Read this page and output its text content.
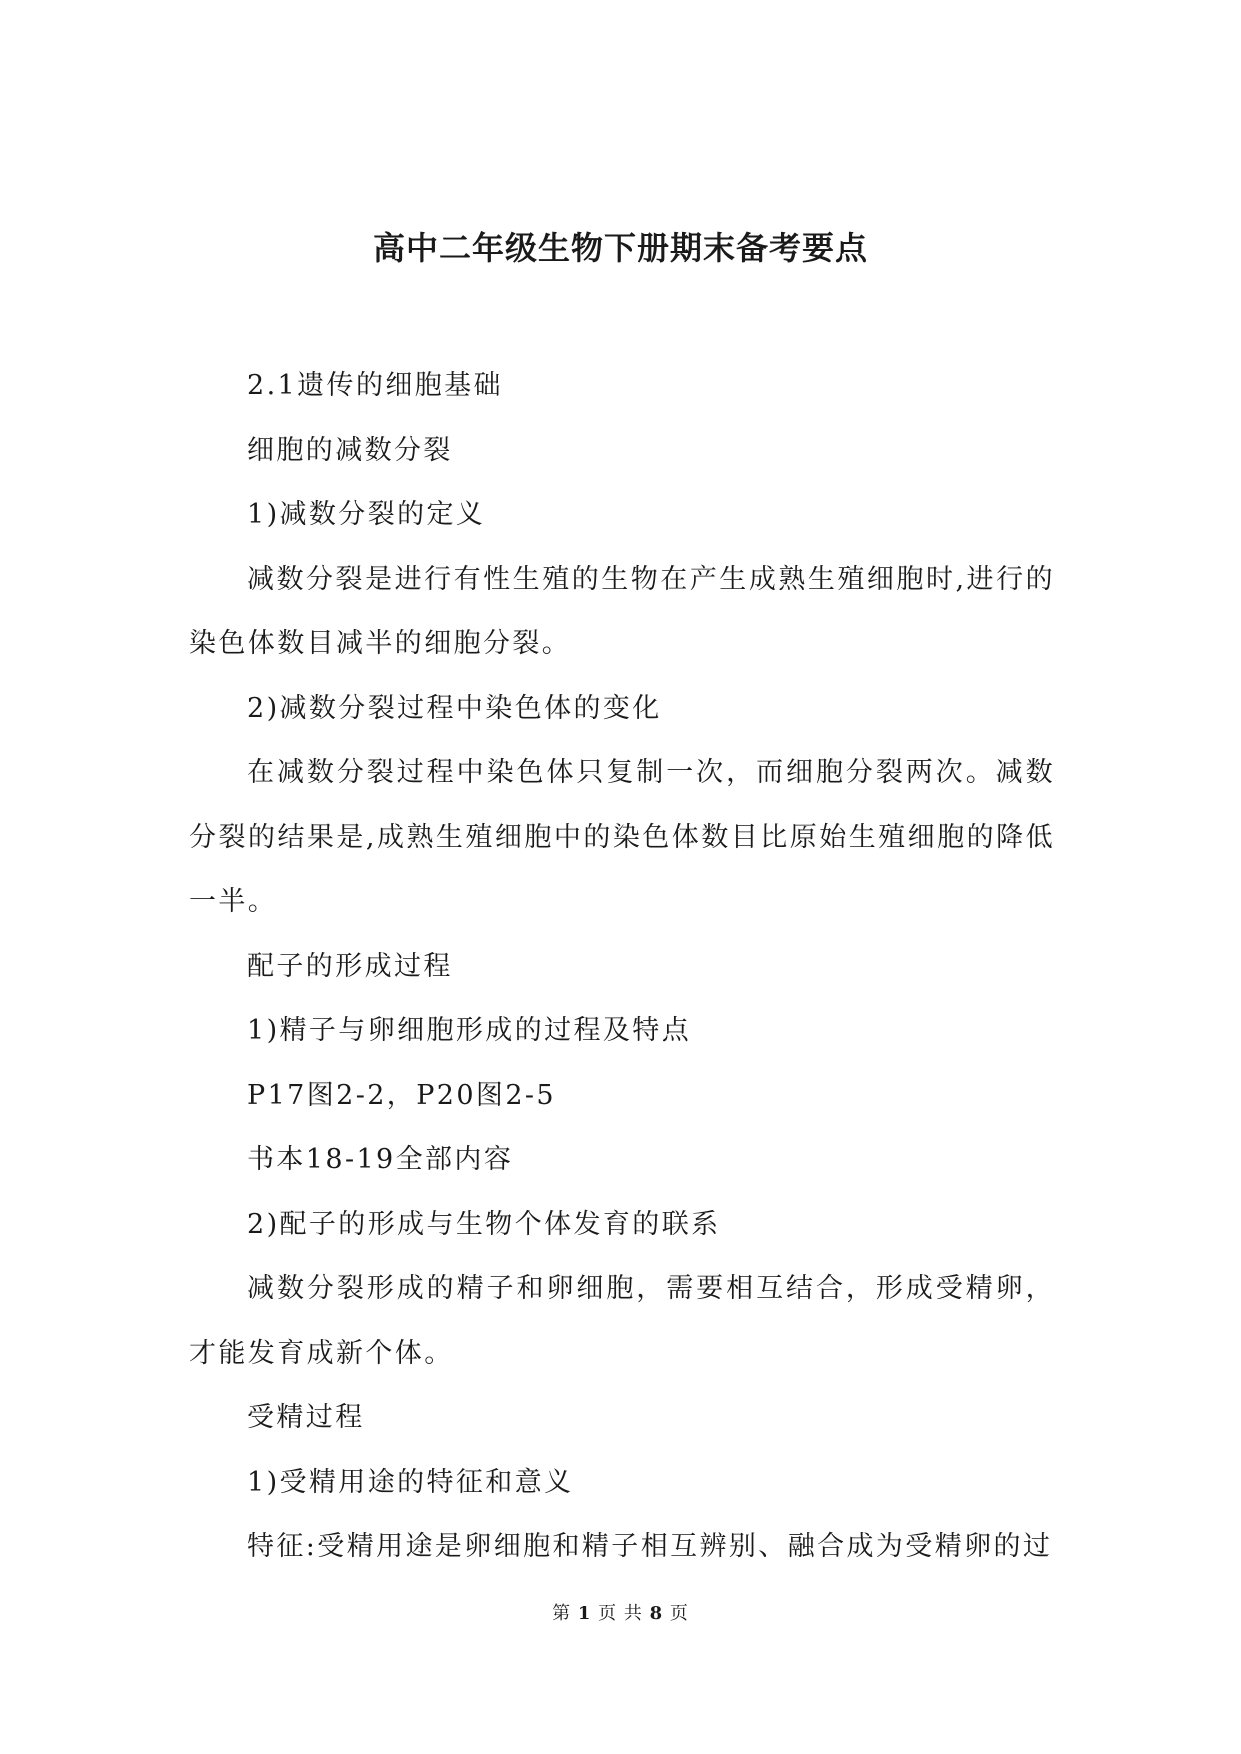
高中二年级生物下册期末备考要点

2.1遗传的细胞基础

细胞的减数分裂

1)减数分裂的定义

减数分裂是进行有性生殖的生物在产生成熟生殖细胞时,进行的染色体数目减半的细胞分裂。

2)减数分裂过程中染色体的变化

在减数分裂过程中染色体只复制一次，而细胞分裂两次。减数分裂的结果是,成熟生殖细胞中的染色体数目比原始生殖细胞的降低一半。

配子的形成过程

1)精子与卵细胞形成的过程及特点

P17图2-2，P20图2-5

书本18-19全部内容

2)配子的形成与生物个体发育的联系

减数分裂形成的精子和卵细胞，需要相互结合，形成受精卵，才能发育成新个体。

受精过程

1)受精用途的特征和意义

特征:受精用途是卵细胞和精子相互辨别、融合成为受精卵的过

第 1 页 共 8 页
